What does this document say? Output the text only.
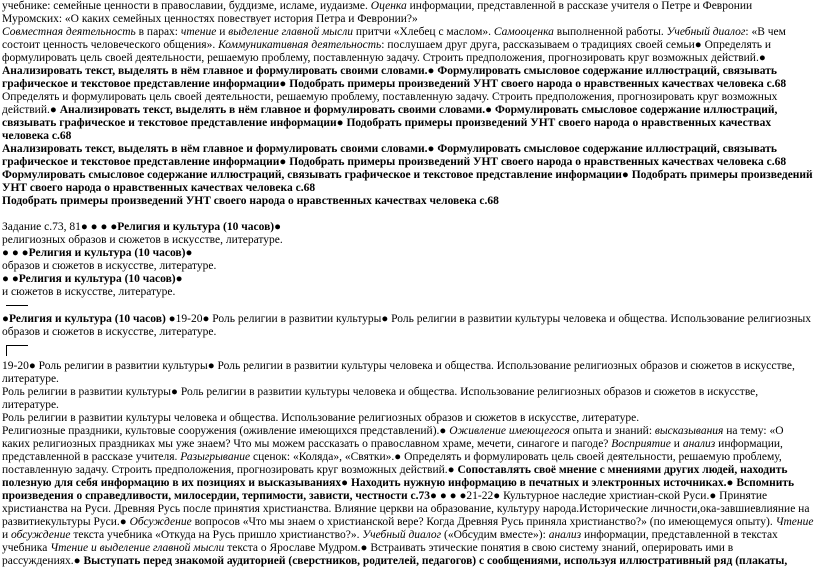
учебнике: семейные ценности в православии, буддизме, исламе, иудаизме. Оценка информации, представленной в рассказе учителя о Петре и Февронии Муромских: «О каких семейных ценностях повествует история Петра и Февронии?»

Совместная деятельность в парах: чтение и выделение главной мысли притчи «Хлебец с маслом». Самооценка выполненной работы. Учебный диалог: «В чем состоит ценность человеческого общения». Коммуникативная деятельность: послушаем друг друга, рассказываем о традициях своей семьи● Определять и формулировать цель своей деятельности, решаемую проблему, поставленную задачу. Строить предположения, прогнозировать круг возможных действий.● Анализировать текст, выделять в нём главное и формулировать своими словами.● Формулировать смысловое содержание иллюстраций, связывать графическое и текстовое представление информации● Подобрать примеры произведений УНТ своего народа о нравственных качествах человека с.68

Определять и формулировать цель своей деятельности, решаемую проблему, поставленную задачу. Строить предположения, прогнозировать круг возможных действий.● Анализировать текст, выделять в нём главное и формулировать своими словами.● Формулировать смысловое содержание иллюстраций, связывать графическое и текстовое представление информации● Подобрать примеры произведений УНТ своего народа о нравственных качествах человека с.68

Анализировать текст, выделять в нём главное и формулировать своими словами.● Формулировать смысловое содержание иллюстраций, связывать графическое и текстовое представление информации● Подобрать примеры произведений УНТ своего народа о нравственных качествах человека с.68

Формулировать смысловое содержание иллюстраций, связывать графическое и текстовое представление информации● Подобрать примеры произведений УНТ своего народа о нравственных качествах человека с.68

Подобрать примеры произведений УНТ своего народа о нравственных качествах человека с.68

Задание с.73, 81● ● ● ●Религия и культура (10 часов)●

религиозных образов и сюжетов в искусстве, литературе.

● ● ●Религия и культура (10 часов)●

образов и сюжетов в искусстве, литературе.

● ●Религия и культура (10 часов)●

и сюжетов в искусстве, литературе.

●Религия и культура (10 часов) ●19-20● Роль религии в развитии культуры● Роль религии в развитии культуры человека и общества. Использование религиозных образов и сюжетов в искусстве, литературе.

19-20● Роль религии в развитии культуры● Роль религии в развитии культуры человека и общества. Использование религиозных образов и сюжетов в искусстве, литературе.

Роль религии в развитии культуры● Роль религии в развитии культуры человека и общества. Использование религиозных образов и сюжетов в искусстве, литературе.

Роль религии в развитии культуры человека и общества. Использование религиозных образов и сюжетов в искусстве, литературе.

Религиозные праздники, культовые сооружения (оживление имеющихся представлений).● Оживление имеющегося опыта и знаний: высказывания на тему: «О каких религиозных праздниках мы уже знаем? Что мы можем рассказать о православном храме, мечети, синагоге и пагоде? Восприятие и анализ информации, представленной в рассказе учителя. Разыгрывание сценок: «Коляда», «Святки».● Определять и формулировать цель своей деятельности, решаемую проблему, поставленную задачу. Строить предположения, прогнозировать круг возможных действий.● Сопоставлять своё мнение с мнениями других людей, находить полезную для себя информацию в их позициях и высказываниях● Находить нужную информацию в печатных и электронных источниках.● Вспомнить произведения о справедливости, милосердии, терпимости, зависти, честности с.73● ● ● ●21-22● Культурное наследие христиан-ской Руси.● Принятие христианства на Руси. Древняя Русь после принятия христианства. Влияние церкви на образование, культуру народа.Исторические личности,ока-завшиевлияние на развитиекультуры Руси.● Обсуждение вопросов «Что мы знаем о христианской вере? Когда Древняя Русь приняла христианство?» (по имеющемуся опыту). Чтение и обсуждение текста учебника «Откуда на Русь пришло христианство?». Учебный диалог («Обсудим вместе»): анализ информации, представленной в текстах учебника Чтение и выделение главной мысли текста о Ярославе Мудром.● Встраивать этические понятия в свою систему знаний, оперировать ими в рассуждениях.● Выступать перед знакомой аудиторией (сверстников, родителей, педагогов) с сообщениями, используя иллюстративный ряд (плакаты,
